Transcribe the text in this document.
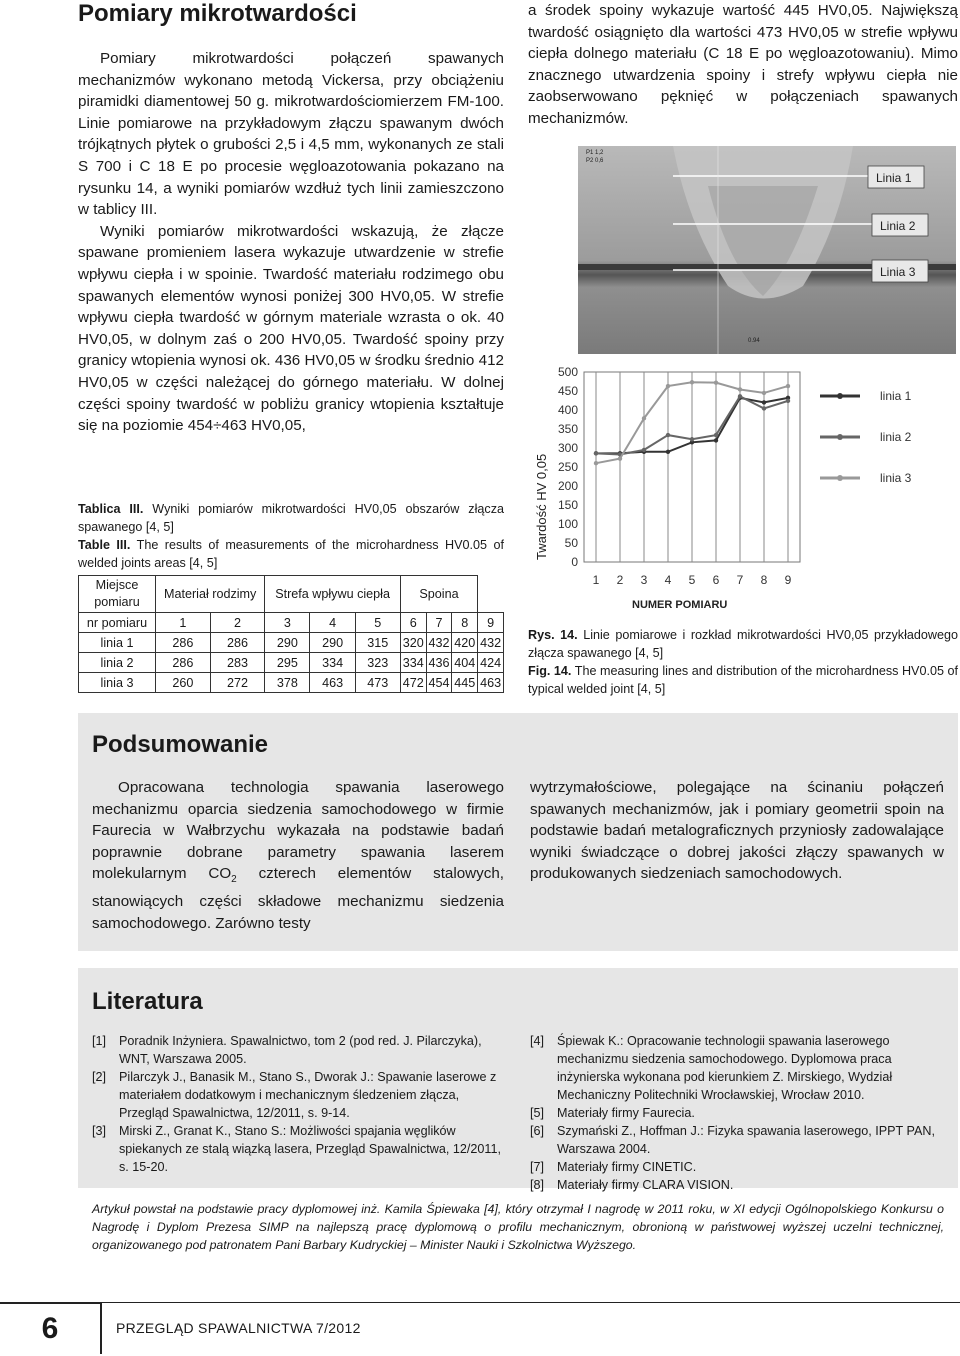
Pomiary mikrotwardości

Pomiary mikrotwardości połączeń spawanych mechanizmów wykonano metodą Vickersa, przy obciążeniu piramidki diamentowej 50 g. mikrotwardościomierzem FM-100. Linie pomiarowe na przykładowym złączu spawanym dwóch trójkątnych płytek o grubości 2,5 i 4,5 mm, wykonanych ze stali S 700 i C 18 E po procesie węgloazotowania pokazano na rysunku 14, a wyniki pomiarów wzdłuż tych linii zamieszczono w tablicy III.

Wyniki pomiarów mikrotwardości wskazują, że złącze spawane promieniem lasera wykazuje utwardzenie w strefie wpływu ciepła i w spoinie. Twardość materiału rodzimego obu spawanych elementów wynosi poniżej 300 HV0,05. W strefie wpływu ciepła twardość w górnym materiale wzrasta o ok. 40 HV0,05, w dolnym zaś o 200 HV0,05. Twardość spoiny przy granicy wtopienia wynosi ok. 436 HV0,05 w środku średnio 412 HV0,05 w części należącej do górnego materiału. W dolnej części spoiny twardość w pobliżu granicy wtopienia kształtuje się na poziomie 454÷463 HV0,05,

a środek spoiny wykazuje wartość 445 HV0,05. Największą twardość osiągnięto dla wartości 473 HV0,05 w strefie wpływu ciepła dolnego materiału (C 18 E po węgloazotowaniu). Mimo znacznego utwardzenia spoiny i strefy wpływu ciepła nie zaobserwowano pęknięć w połączeniach spawanych mechanizmów.

Tablica III. Wyniki pomiarów mikrotwardości HV0,05 obszarów złącza spawanego [4, 5]

Table III. The results of measurements of the microhardness HV0.05 of welded joints areas [4, 5]

Miejsce pomiaru	Materiał rodzimy		Strefa wpływu ciepła			Spoina			
nr pomiaru	1	2	3	4	5	6	7	8	9
linia 1	286	286	290	290	315	320	432	420	432
linia 2	286	283	295	334	323	334	436	404	424
linia 3	260	272	378	463	473	472	454	445	463
Linia 1
Linia 2
Linia 3
P1 1,2
P2 0,6
0.94
0
50
100
150
200
250
300
350
400
450
500
1 2 3 4 5 6 7 8 9
linia 1
linia 2
linia 3
Twardość HV 0,05
NUMER POMIARU

Rys. 14. Linie pomiarowe i rozkład mikrotwardości HV0,05 przykładowego złącza spawanego [4, 5]

Fig. 14. The measuring lines and distribution of the microhardness HV0.05 of typical welded joint [4, 5]

Podsumowanie
Opracowana technologia spawania laserowego mechanizmu oparcia siedzenia samochodowego w firmie Faurecia w Wałbrzychu wykazała na podstawie badań poprawnie dobrane parametry spawania laserem molekularnym $CO_2$ czterech elementów stalowych, stanowiących części składowe mechanizmu siedzenia samochodowego. Zarówno testy
wytrzymałościowe, polegające na ścinaniu połączeń spawanych mechanizmów, jak i pomiary geometrii spoin na podstawie badań metalograficznych przyniosły zadowalające wyniki świadczące o dobrej jakości złączy spawanych w produkowanych siedzeniach samochodowych.
Literatura
[1]	Poradnik Inżyniera. Spawalnictwo, tom 2 (pod red. J. Pilarczyka), WNT, Warszawa 2005.
[2]	Pilarczyk J., Banasik M., Stano S., Dworak J.: Spawanie laserowe z materiałem dodatkowym i mechanicznym śledzeniem złącza, Przegląd Spawalnictwa, 12/2011, s. 9-14.
[3]	Mirski Z., Granat K., Stano S.: Możliwości spajania węglików spiekanych ze stalą wiązką lasera, Przegląd Spawalnictwa, 12/2011, s. 15-20.
[4]	Śpiewak K.: Opracowanie technologii spawania laserowego mechanizmu siedzenia samochodowego. Dyplomowa praca inżynierska wykonana pod kierunkiem Z. Mirskiego, Wydział Mechaniczny Politechniki Wrocławskiej, Wrocław 2010.
[5]	Materiały firmy Faurecia.
[6]	Szymański Z., Hoffman J.: Fizyka spawania laserowego, IPPT PAN, Warszawa 2004.
[7]	Materiały firmy CINETIC.
[8]	Materiały firmy CLARA VISION.
Artykuł powstał na podstawie pracy dyplomowej inż. Kamila Śpiewaka [4], który otrzymał I nagrodę w 2011 roku, w XI edycji Ogólnopolskiego Konkursu o Nagrodę i Dyplom Prezesa SIMP na najlepszą pracę dyplomową o profilu mechanicznym, obronioną w państwowej wyższej uczelni technicznej, organizowanego pod patronatem Pani Barbary Kudryckiej – Minister Nauki i Szkolnictwa Wyższego.
6	PRZEGLĄD SPAWALNICTWA 7/2012
